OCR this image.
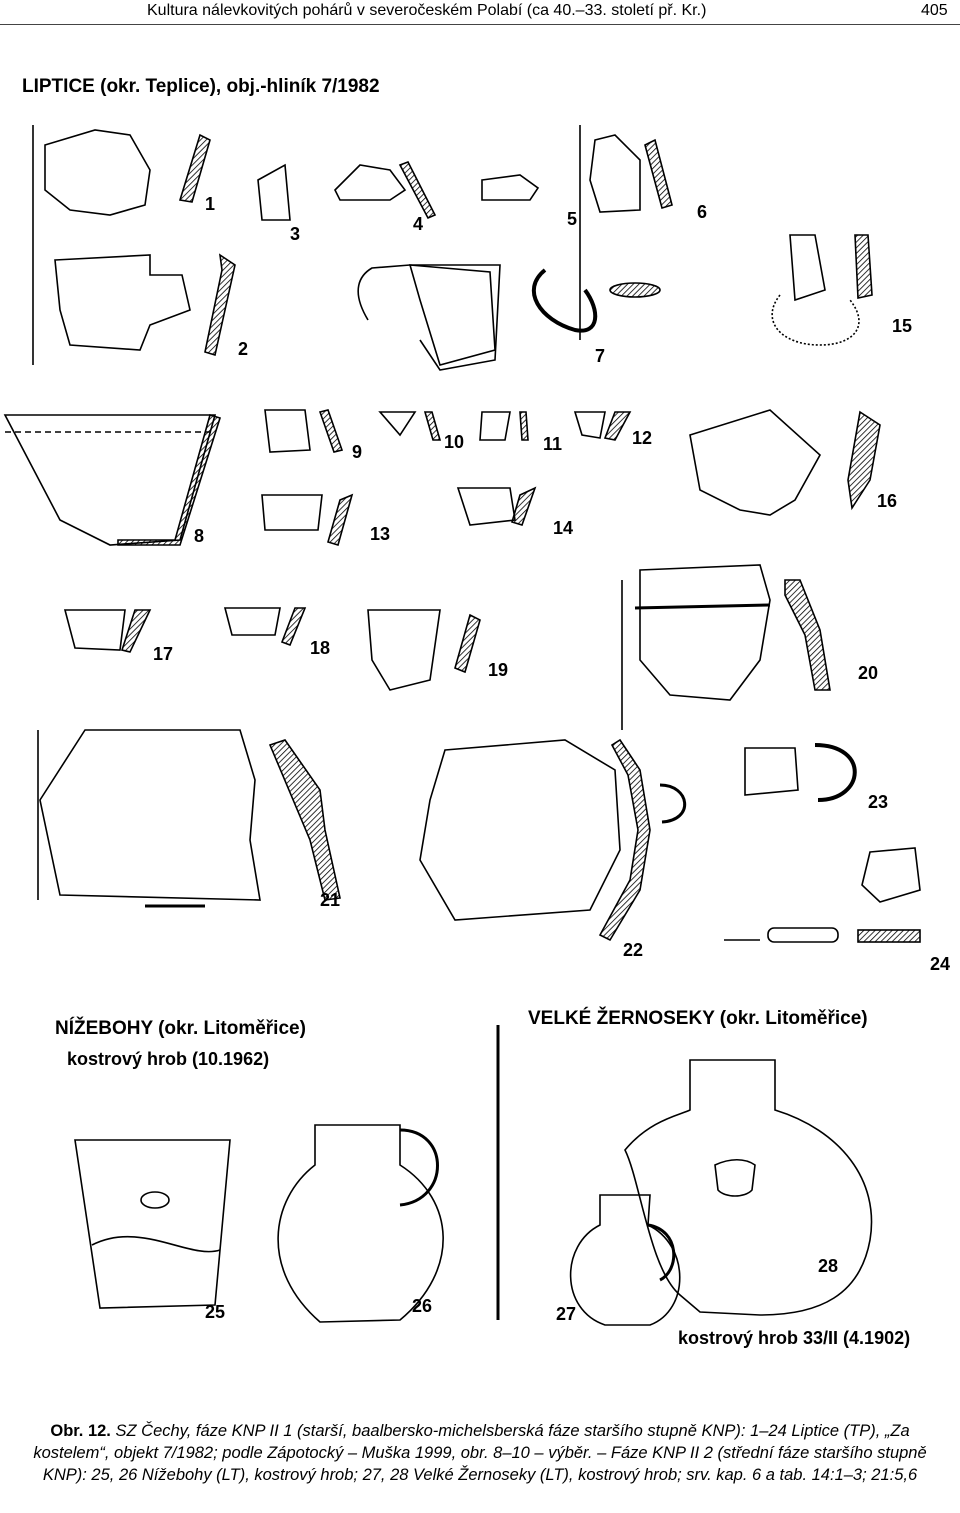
Kultura nálevkovitých pohárů v severočeském Polabí (ca 40.–33. století př. Kr.)	405
LIPTICE (okr. Teplice), obj.-hliník 7/1982
NÍŽEBOHY (okr. Litoměřice)
kostrový hrob (10.1962)
VELKÉ ŽERNOSEKY (okr. Litoměřice)
kostrový hrob 33/II (4.1902)
1
2
3	4	5	6
7
8
9	10	11	12
13	14
15
16
17	18
19	20
21
22
23
24
25	26	27
28
Obr. 12. SZ Čechy, fáze KNP II 1 (starší, baalbersko-michelsberská fáze staršího stupně KNP): 1–24 Liptice (TP), „Za kostelem“, objekt 7/1982; podle Zápotocký – Muška 1999, obr. 8–10 – výběr. – Fáze KNP II 2 (střední fáze staršího stupně KNP): 25, 26 Nížebohy (LT), kostrový hrob; 27, 28 Velké Žernoseky (LT), kostrový hrob; srv. kap. 6 a tab. 14:1–3; 21:5,6
